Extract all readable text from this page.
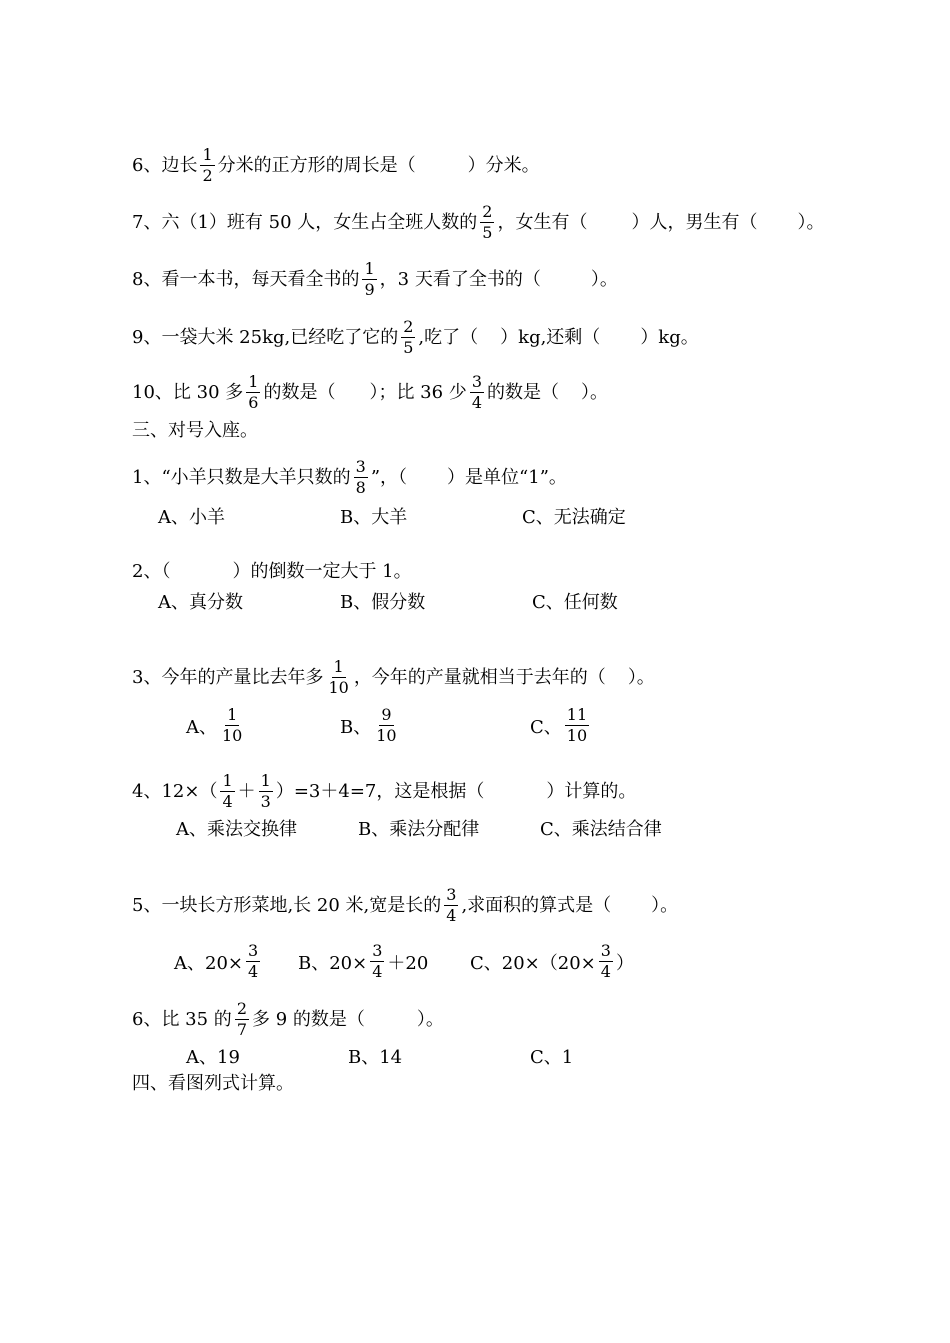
6、边长 $\frac{1}{2}$ 分米的正方形的周长是（	）分米。
7、六（1）班有 50 人，女生占全班人数的 $\frac{2}{5}$ ，女生有（ ）人，男生有（ ）。
8、看一本书，每天看全书的 $\frac{1}{9}$ ，3 天看了全书的（	）。
9、一袋大米 25kg,已经吃了它的 $\frac{2}{5}$ ,吃了（ ）kg,还剩（ ）kg。
10、比 30 多 $\frac{1}{6}$ 的数是（ ）；比 36 少 $\frac{3}{4}$ 的数是（ ）。
三、对号入座。
1、“小羊只数是大羊只数的 $\frac{3}{8}$ ”，（ ）是单位“1”。
A、小羊	B、大羊	C、无法确定
2、（	）的倒数一定大于 1。
A、真分数	B、假分数	C、任何数
3、今年的产量比去年多 $\frac{1}{10}$ ，今年的产量就相当于去年的（ ）。
A、 $\frac{1}{10}$	B、 $\frac{9}{10}$	C、 $\frac{11}{10}$
4、$12\times( \frac{1}{4} + \frac{1}{3} )=3+4=7$，这是根据（	）计算的。
A、乘法交换律	B、乘法分配律	C、乘法结合律
5、一块长方形菜地,长 20 米,宽是长的 $\frac{3}{4}$ ,求面积的算式是（ ）。
A、$20\times \frac{3}{4}$ B、$20\times \frac{3}{4} +20$ C、$20\times(20\times \frac{3}{4}$ ）
6、比 35 的 $\frac{2}{7}$ 多 9 的数是（	）。
A、19	B、14	C、1
四、看图列式计算。
